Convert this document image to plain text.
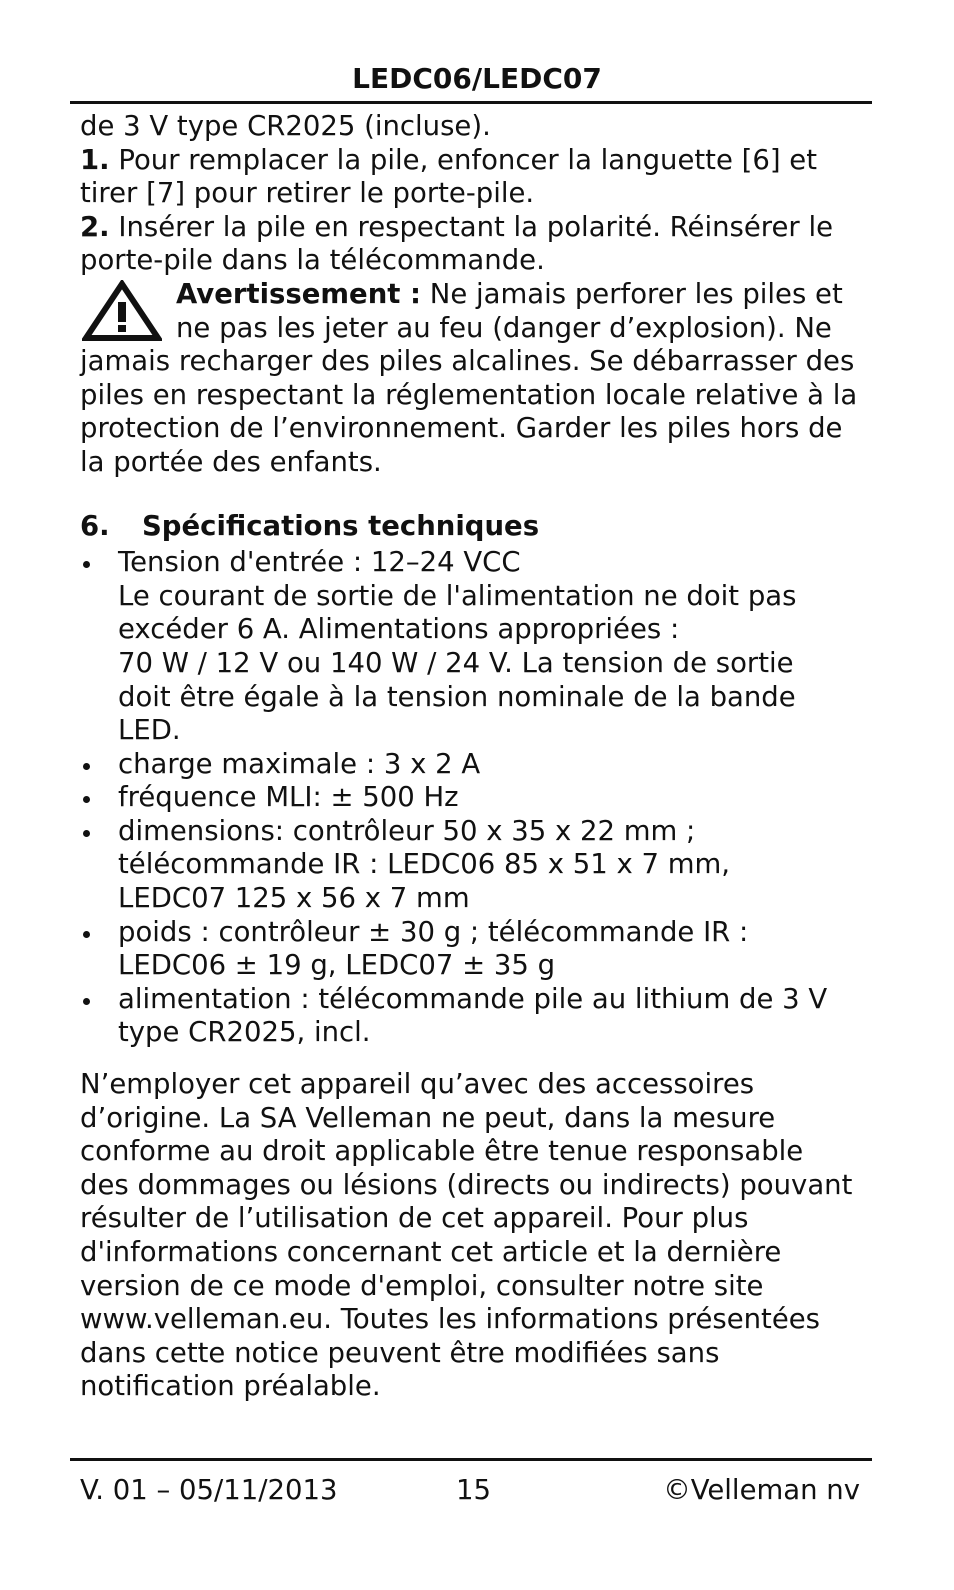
LEDC06/LEDC07

de 3 V type CR2025 (incluse).

1. Pour remplacer la pile, enfoncer la languette [6] et tirer [7] pour retirer le porte-pile.

2. Insérer la pile en respectant la polarité. Réinsérer le porte-pile dans la télécommande.

Avertissement : Ne jamais perforer les piles et ne pas les jeter au feu (danger d’explosion). Ne jamais recharger des piles alcalines. Se débarrasser des piles en respectant la réglementation locale relative à la protection de l’environnement. Garder les piles hors de la portée des enfants.

6. Spécifications techniques
Tension d'entrée : 12–24 VCC
Le courant de sortie de l'alimentation ne doit pas
excéder 6 A. Alimentations appropriées :
70 W / 12 V ou 140 W / 24 V. La tension de sortie
doit être égale à la tension nominale de la bande
LED.
charge maximale : 3 x 2 A
fréquence MLI: ± 500 Hz
dimensions: contrôleur 50 x 35 x 22 mm ;
télécommande IR : LEDC06 85 x 51 x 7 mm,
LEDC07 125 x 56 x 7 mm
poids : contrôleur ± 30 g ; télécommande IR :
LEDC06 ± 19 g, LEDC07 ± 35 g
alimentation : télécommande pile au lithium de 3 V
type CR2025, incl.

N’employer cet appareil qu’avec des accessoires
d’origine. La SA Velleman ne peut, dans la mesure
conforme au droit applicable être tenue responsable
des dommages ou lésions (directs ou indirects) pouvant
résulter de l’utilisation de cet appareil. Pour plus
d'informations concernant cet article et la dernière
version de ce mode d'emploi, consulter notre site
www.velleman.eu. Toutes les informations présentées
dans cette notice peuvent être modifiées sans
notification préalable.

V. 01 – 05/11/2013	15	©Velleman nv
